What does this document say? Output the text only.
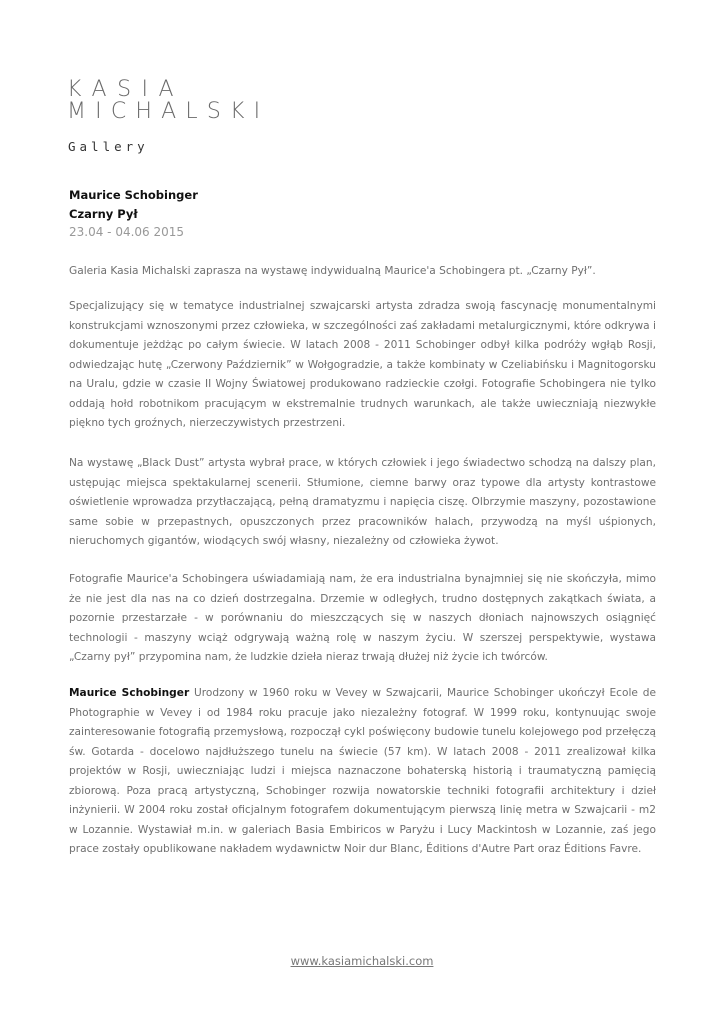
KASIA
MICHALSKI
Gallery
Maurice Schobinger
Czarny Pył
23.04 - 04.06 2015

Galeria Kasia Michalski zaprasza na wystawę indywidualną Maurice'a Schobingera pt. „Czarny Pył”.

Specjalizujący się w tematyce industrialnej szwajcarski artysta zdradza swoją fascynację monumentalnymi konstrukcjami wznoszonymi przez człowieka, w szczególności zaś zakładami metalurgicznymi, które odkrywa i dokumentuje jeżdżąc po całym świecie. W latach 2008 - 2011 Schobinger odbył kilka podróży wgłąb Rosji, odwiedzając hutę „Czerwony Październik” w Wołgogradzie, a także kombinaty w Czeliabińsku i Magnitogorsku na Uralu, gdzie w czasie II Wojny Światowej produkowano radzieckie czołgi. Fotografie Schobingera nie tylko oddają hołd robotnikom pracującym w ekstremalnie trudnych warunkach, ale także uwieczniają niezwykłe piękno tych groźnych, nierzeczywistych przestrzeni.

Na wystawę „Black Dust” artysta wybrał prace, w których człowiek i jego świadectwo schodzą na dalszy plan, ustępując miejsca spektakularnej scenerii. Stłumione, ciemne barwy oraz typowe dla artysty kontrastowe oświetlenie wprowadza przytłaczającą, pełną dramatyzmu i napięcia ciszę. Olbrzymie maszyny, pozostawione same sobie w przepastnych, opuszczonych przez pracowników halach, przywodzą na myśl uśpionych, nieruchomych gigantów, wiodących swój własny, niezależny od człowieka żywot.

Fotografie Maurice'a Schobingera uświadamiają nam, że era industrialna bynajmniej się nie skończyła, mimo że nie jest dla nas na co dzień dostrzegalna. Drzemie w odległych, trudno dostępnych zakątkach świata, a pozornie przestarzałe - w porównaniu do mieszczących się w naszych dłoniach najnowszych osiągnięć technologii - maszyny wciąż odgrywają ważną rolę w naszym życiu. W szerszej perspektywie, wystawa „Czarny pył” przypomina nam, że ludzkie dzieła nieraz trwają dłużej niż życie ich twórców.

Maurice Schobinger Urodzony w 1960 roku w Vevey w Szwajcarii, Maurice Schobinger ukończył Ecole de Photographie w Vevey i od 1984 roku pracuje jako niezależny fotograf. W 1999 roku, kontynuując swoje zainteresowanie fotografią przemysłową, rozpoczął cykl poświęcony budowie tunelu kolejowego pod przełęczą św. Gotarda - docelowo najdłuższego tunelu na świecie (57 km). W latach 2008 - 2011 zrealizował kilka projektów w Rosji, uwieczniając ludzi i miejsca naznaczone bohaterską historią i traumatyczną pamięcią zbiorową. Poza pracą artystyczną, Schobinger rozwija nowatorskie techniki fotografii architektury i dzieł inżynierii. W 2004 roku został oficjalnym fotografem dokumentującym pierwszą linię metra w Szwajcarii - m2 w Lozannie. Wystawiał m.in. w galeriach Basia Embiricos w Paryżu i Lucy Mackintosh w Lozannie, zaś jego prace zostały opublikowane nakładem wydawnictw Noir dur Blanc, Éditions d'Autre Part oraz Éditions Favre.

www.kasiamichalski.com
